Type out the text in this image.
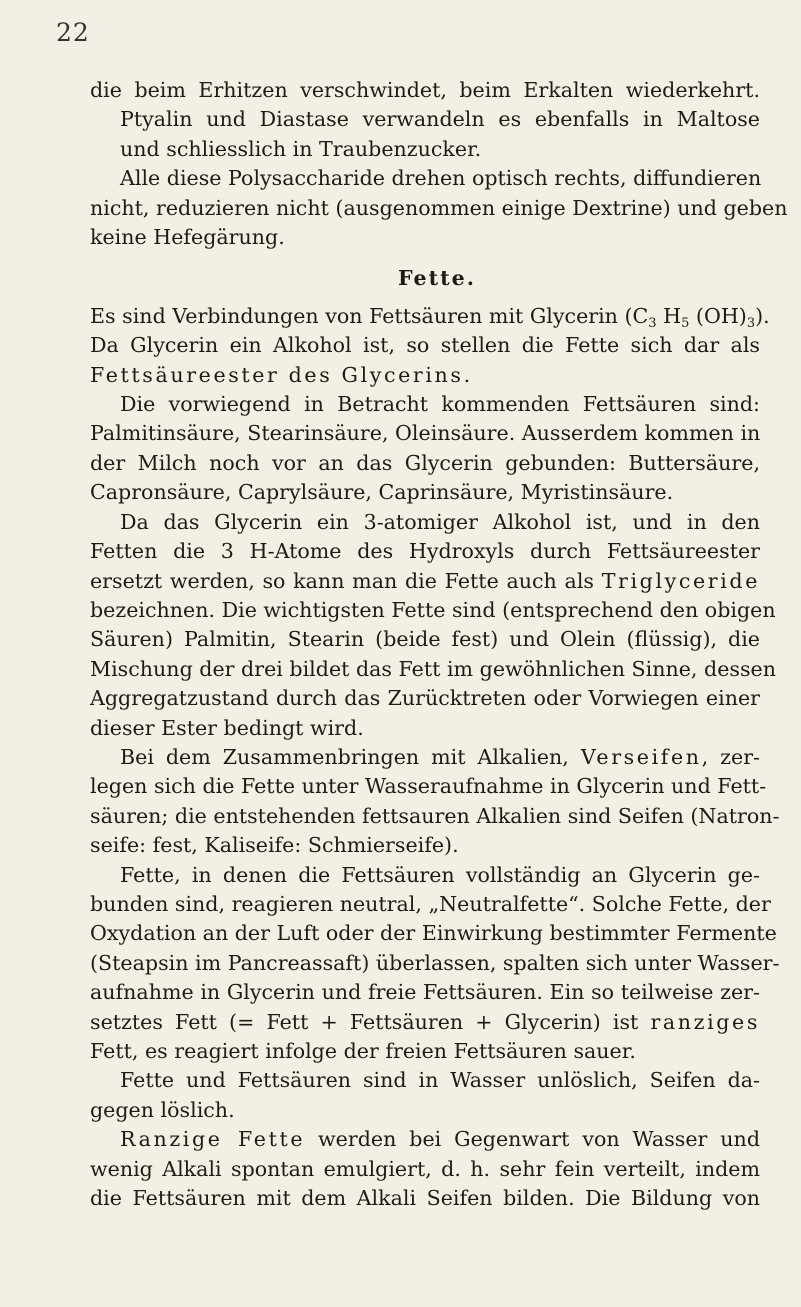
22
die beim Erhitzen verschwindet, beim Erkalten wiederkehrt.
Ptyalin und Diastase verwandeln es ebenfalls in Maltose
und schliesslich in Traubenzucker.
Alle diese Polysaccharide drehen optisch rechts, diffundieren
nicht, reduzieren nicht (ausgenommen einige Dextrine) und geben
keine Hefegärung.
Fette.
Es sind Verbindungen von Fettsäuren mit Glycerin ($C_3$ $H_5$ $(OH)_3$).
Da Glycerin ein Alkohol ist, so stellen die Fette sich dar als
Fettsäureester des Glycerins.
Die vorwiegend in Betracht kommenden Fettsäuren sind:
Palmitinsäure, Stearinsäure, Oleinsäure. Ausserdem kommen in
der Milch noch vor an das Glycerin gebunden: Buttersäure,
Capronsäure, Caprylsäure, Caprinsäure, Myristinsäure.
Da das Glycerin ein 3-atomiger Alkohol ist, und in den
Fetten die 3 H-Atome des Hydroxyls durch Fettsäureester
ersetzt werden, so kann man die Fette auch als Triglyceride
bezeichnen. Die wichtigsten Fette sind (entsprechend den obigen
Säuren) Palmitin, Stearin (beide fest) und Olein (flüssig), die
Mischung der drei bildet das Fett im gewöhnlichen Sinne, dessen
Aggregatzustand durch das Zurücktreten oder Vorwiegen einer
dieser Ester bedingt wird.
Bei dem Zusammenbringen mit Alkalien, Verseifen, zer-
legen sich die Fette unter Wasseraufnahme in Glycerin und Fett-
säuren; die entstehenden fettsauren Alkalien sind Seifen (Natron-
seife: fest, Kaliseife: Schmierseife).
Fette, in denen die Fettsäuren vollständig an Glycerin ge-
bunden sind, reagieren neutral, „Neutralfette“. Solche Fette, der
Oxydation an der Luft oder der Einwirkung bestimmter Fermente
(Steapsin im Pancreassaft) überlassen, spalten sich unter Wasser-
aufnahme in Glycerin und freie Fettsäuren. Ein so teilweise zer-
setztes Fett (= Fett + Fettsäuren + Glycerin) ist ranziges
Fett, es reagiert infolge der freien Fettsäuren sauer.
Fette und Fettsäuren sind in Wasser unlöslich, Seifen da-
gegen löslich.
Ranzige Fette werden bei Gegenwart von Wasser und
wenig Alkali spontan emulgiert, d. h. sehr fein verteilt, indem
die Fettsäuren mit dem Alkali Seifen bilden. Die Bildung von
